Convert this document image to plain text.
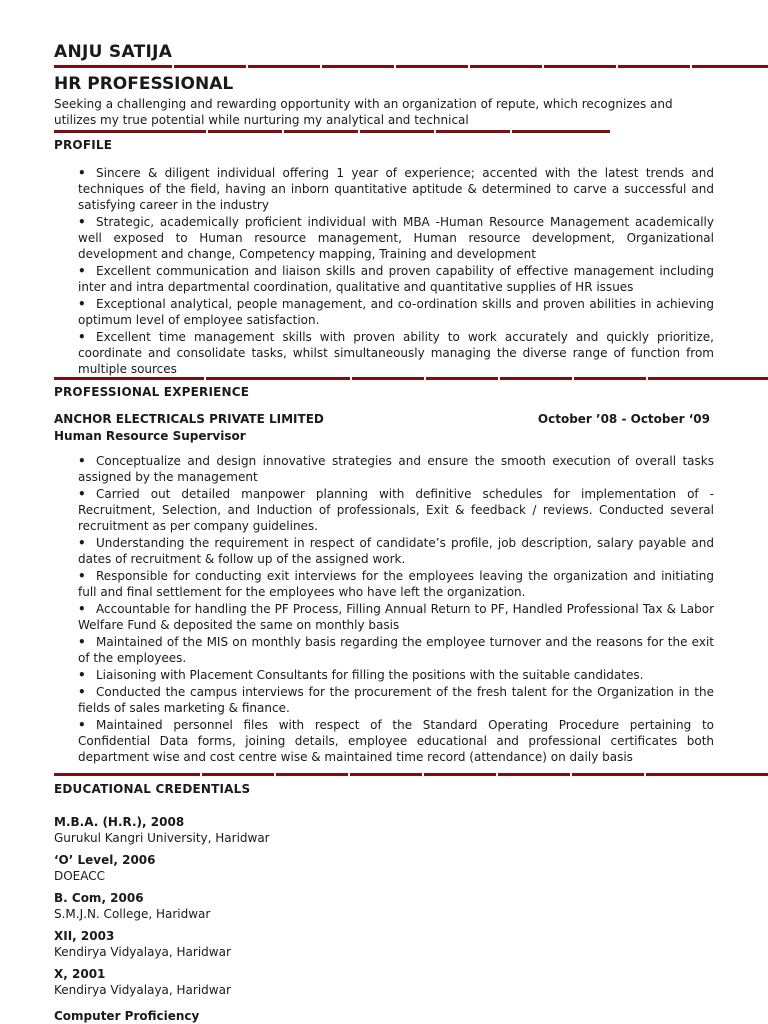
ANJU SATIJA
HR PROFESSIONAL
Seeking a challenging and rewarding opportunity with an organization of repute, which recognizes and utilizes my true potential while nurturing my analytical and technical
PROFILE
• Sincere & diligent individual offering 1 year of experience; accented with the latest trends and techniques of the field, having an inborn quantitative aptitude & determined to carve a successful and satisfying career in the industry
• Strategic, academically proficient individual with MBA -Human Resource Management academically well exposed to Human resource management, Human resource development, Organizational development and change, Competency mapping, Training and development
• Excellent communication and liaison skills and proven capability of effective management including inter and intra departmental coordination, qualitative and quantitative supplies of HR issues
• Exceptional analytical, people management, and co-ordination skills and proven abilities in achieving optimum level of employee satisfaction.
• Excellent time management skills with proven ability to work accurately and quickly prioritize, coordinate and consolidate tasks, whilst simultaneously managing the diverse range of function from multiple sources
PROFESSIONAL EXPERIENCE
ANCHOR ELECTRICALS PRIVATE LIMITED	October ’08 - October ‘09
Human Resource Supervisor
• Conceptualize and design innovative strategies and ensure the smooth execution of overall tasks assigned by the management
• Carried out detailed manpower planning with definitive schedules for implementation of - Recruitment, Selection, and Induction of professionals, Exit & feedback / reviews. Conducted several recruitment as per company guidelines.
• Understanding the requirement in respect of candidate’s profile, job description, salary payable and dates of recruitment & follow up of the assigned work.
• Responsible for conducting exit interviews for the employees leaving the organization and initiating full and final settlement for the employees who have left the organization.
• Accountable for handling the PF Process, Filling Annual Return to PF, Handled Professional Tax & Labor Welfare Fund & deposited the same on monthly basis
• Maintained of the MIS on monthly basis regarding the employee turnover and the reasons for the exit of the employees.
• Liaisoning with Placement Consultants for filling the positions with the suitable candidates.
• Conducted the campus interviews for the procurement of the fresh talent for the Organization in the fields of sales marketing & finance.
• Maintained personnel files with respect of the Standard Operating Procedure pertaining to Confidential Data forms, joining details, employee educational and professional certificates both department wise and cost centre wise & maintained time record (attendance) on daily basis
EDUCATIONAL CREDENTIALS
M.B.A. (H.R.), 2008
Gurukul Kangri University, Haridwar
‘O’ Level, 2006
DOEACC
B. Com, 2006
S.M.J.N. College, Haridwar
XII, 2003
Kendirya Vidyalaya, Haridwar
X, 2001
Kendirya Vidyalaya, Haridwar
Computer Proficiency
